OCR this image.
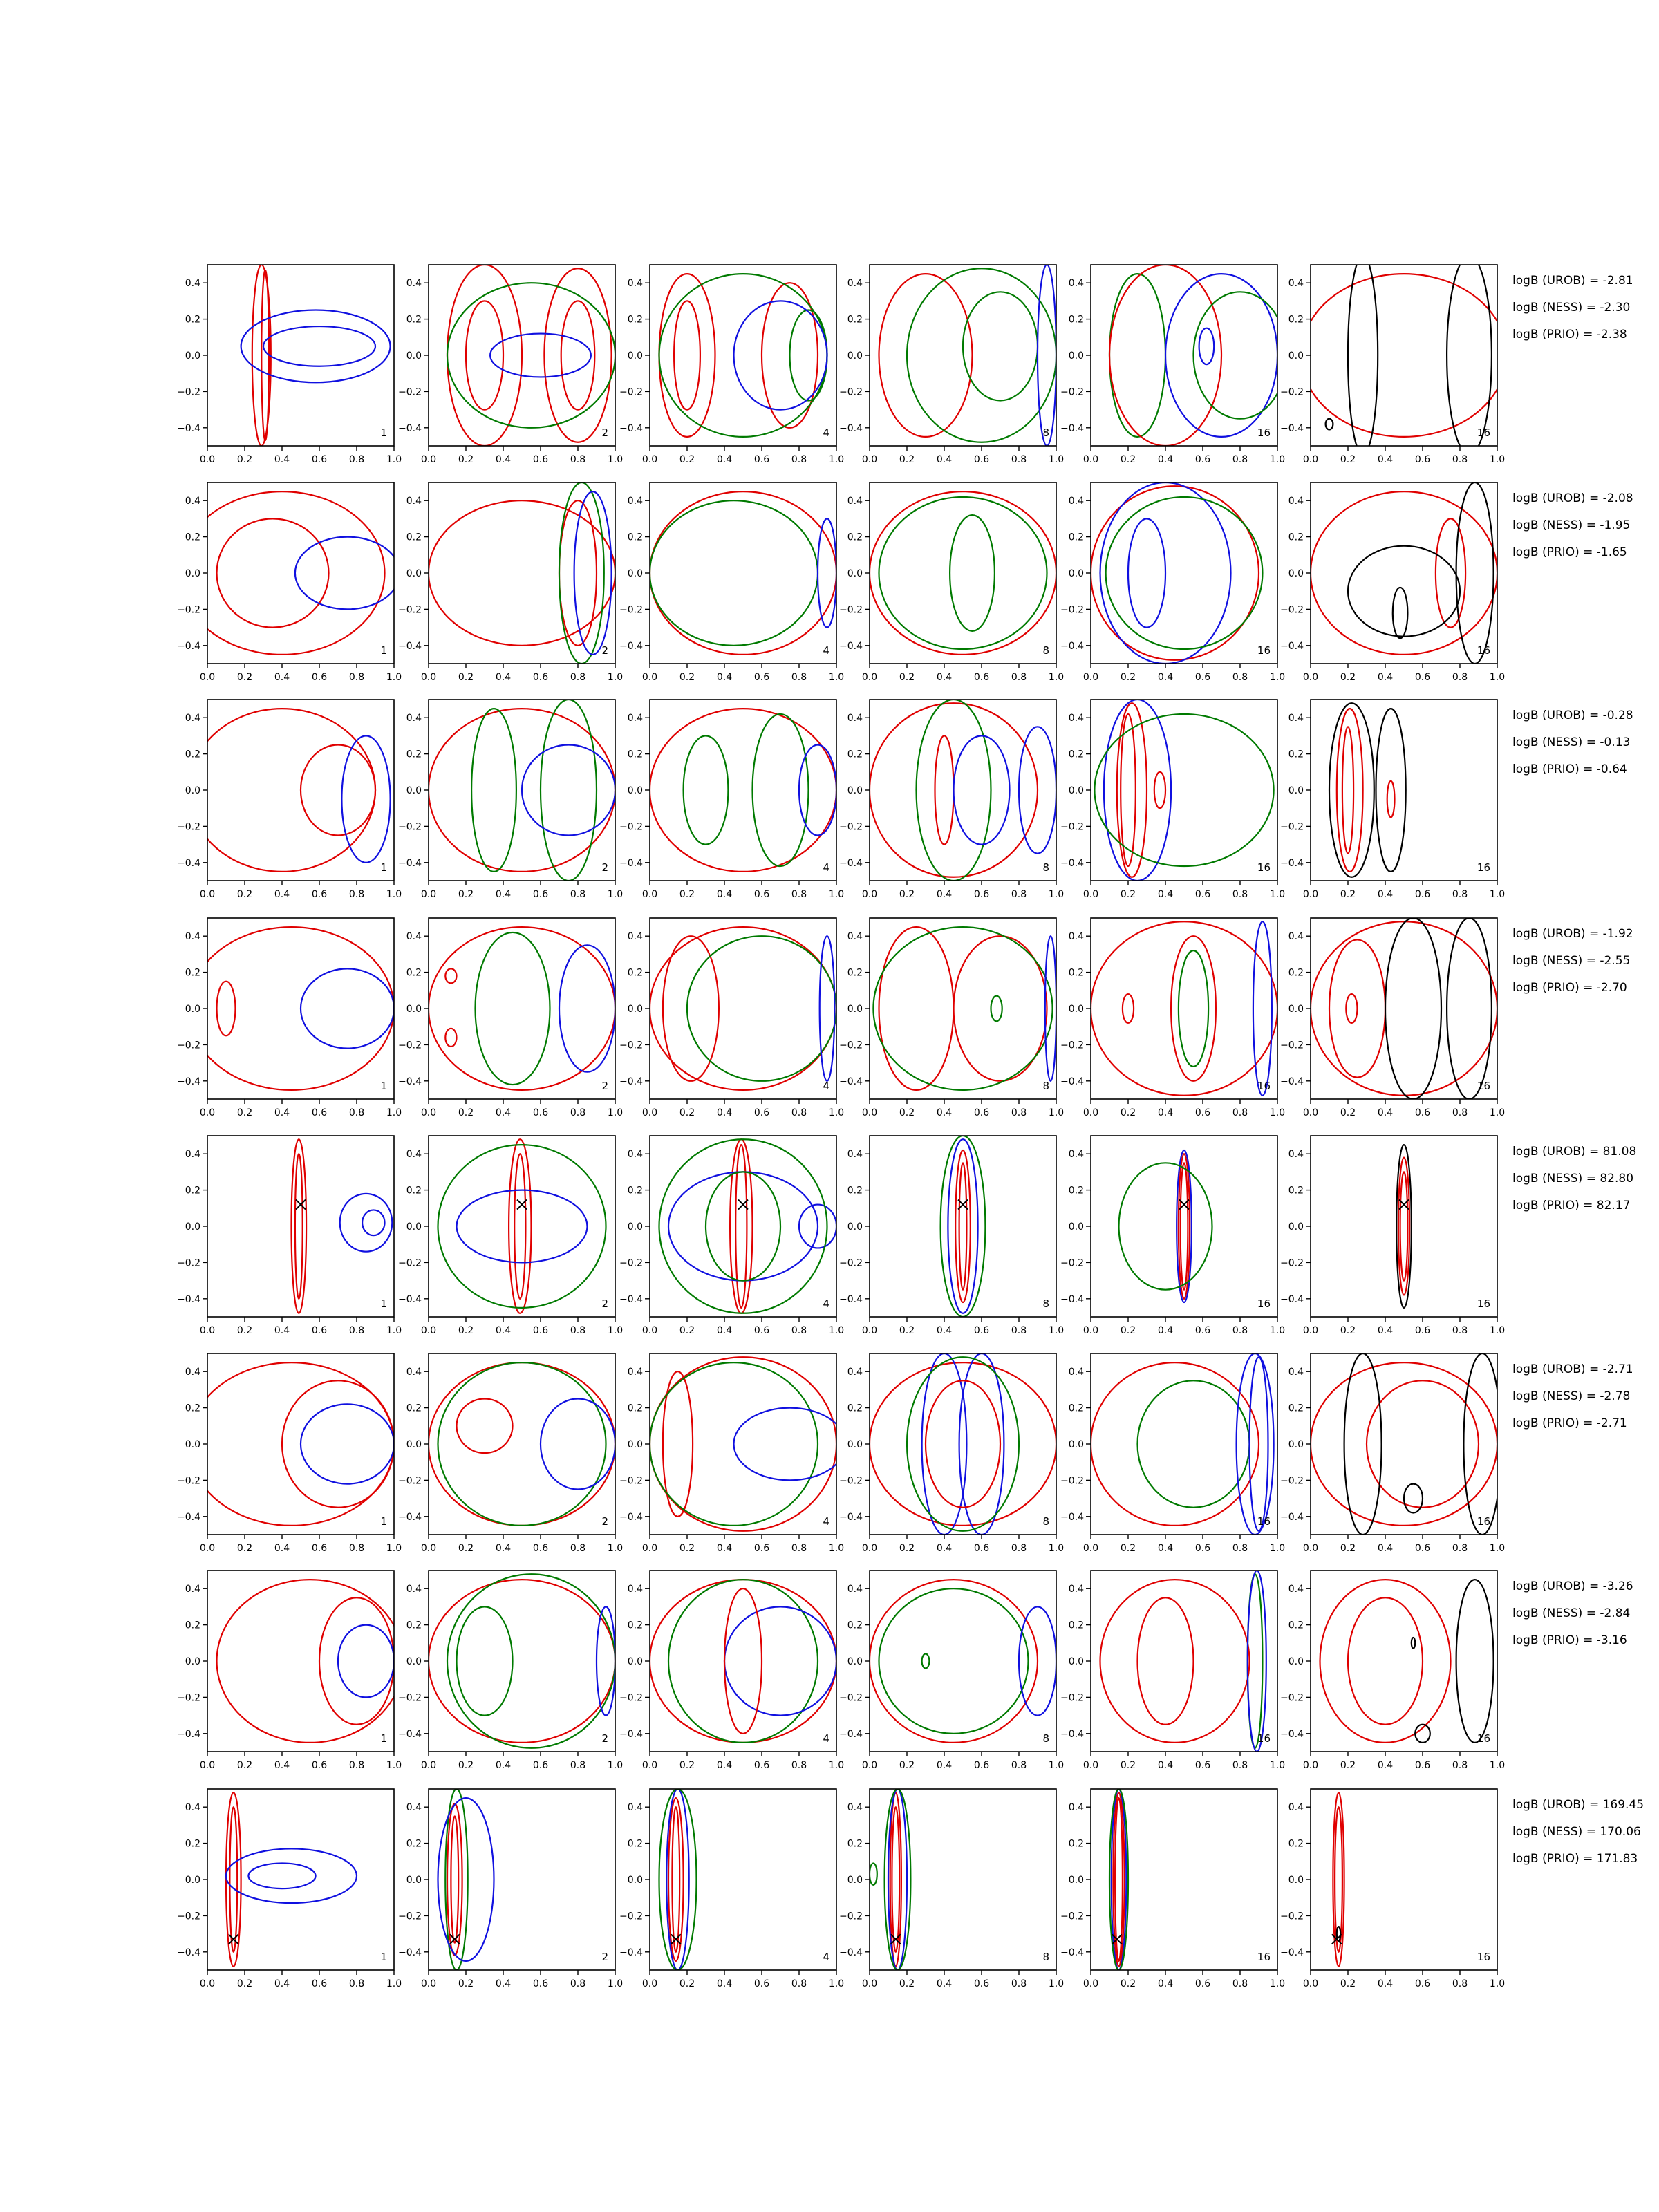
0.0 0.2 0.4 0.6 0.8 1.0
−0.4
−0.2
0.0
0.2
0.4
1
0.0 0.2 0.4 0.6 0.8 1.0
−0.4
−0.2
0.0
0.2
0.4
2
0.0 0.2 0.4 0.6 0.8 1.0
−0.4
−0.2
0.0
0.2
0.4
4
0.0 0.2 0.4 0.6 0.8 1.0
−0.4
−0.2
0.0
0.2
0.4
8
0.0 0.2 0.4 0.6 0.8 1.0
−0.4
−0.2
0.0
0.2
0.4
16
0.0 0.2 0.4 0.6 0.8 1.0
−0.4
−0.2
0.0
0.2
0.4
16
logB (UROB) = -2.81
logB (NESS) = -2.30
logB (PRIO) = -2.38
0.0 0.2 0.4 0.6 0.8 1.0
−0.4
−0.2
0.0
0.2
0.4
1
0.0 0.2 0.4 0.6 0.8 1.0
−0.4
−0.2
0.0
0.2
0.4
2
0.0 0.2 0.4 0.6 0.8 1.0
−0.4
−0.2
0.0
0.2
0.4
4
0.0 0.2 0.4 0.6 0.8 1.0
−0.4
−0.2
0.0
0.2
0.4
8
0.0 0.2 0.4 0.6 0.8 1.0
−0.4
−0.2
0.0
0.2
0.4
16
0.0 0.2 0.4 0.6 0.8 1.0
−0.4
−0.2
0.0
0.2
0.4
16
logB (UROB) = -2.08
logB (NESS) = -1.95
logB (PRIO) = -1.65
0.0 0.2 0.4 0.6 0.8 1.0
−0.4
−0.2
0.0
0.2
0.4
1
0.0 0.2 0.4 0.6 0.8 1.0
−0.4
−0.2
0.0
0.2
0.4
2
0.0 0.2 0.4 0.6 0.8 1.0
−0.4
−0.2
0.0
0.2
0.4
4
0.0 0.2 0.4 0.6 0.8 1.0
−0.4
−0.2
0.0
0.2
0.4
8
0.0 0.2 0.4 0.6 0.8 1.0
−0.4
−0.2
0.0
0.2
0.4
16
0.0 0.2 0.4 0.6 0.8 1.0
−0.4
−0.2
0.0
0.2
0.4
16
logB (UROB) = -0.28
logB (NESS) = -0.13
logB (PRIO) = -0.64
0.0 0.2 0.4 0.6 0.8 1.0
−0.4
−0.2
0.0
0.2
0.4
1
0.0 0.2 0.4 0.6 0.8 1.0
−0.4
−0.2
0.0
0.2
0.4
2
0.0 0.2 0.4 0.6 0.8 1.0
−0.4
−0.2
0.0
0.2
0.4
4
0.0 0.2 0.4 0.6 0.8 1.0
−0.4
−0.2
0.0
0.2
0.4
8
0.0 0.2 0.4 0.6 0.8 1.0
−0.4
−0.2
0.0
0.2
0.4
16
0.0 0.2 0.4 0.6 0.8 1.0
−0.4
−0.2
0.0
0.2
0.4
16
logB (UROB) = -1.92
logB (NESS) = -2.55
logB (PRIO) = -2.70
0.0 0.2 0.4 0.6 0.8 1.0
−0.4
−0.2
0.0
0.2
0.4
1
0.0 0.2 0.4 0.6 0.8 1.0
−0.4
−0.2
0.0
0.2
0.4
2
0.0 0.2 0.4 0.6 0.8 1.0
−0.4
−0.2
0.0
0.2
0.4
4
0.0 0.2 0.4 0.6 0.8 1.0
−0.4
−0.2
0.0
0.2
0.4
8
0.0 0.2 0.4 0.6 0.8 1.0
−0.4
−0.2
0.0
0.2
0.4
16
0.0 0.2 0.4 0.6 0.8 1.0
−0.4
−0.2
0.0
0.2
0.4
16
logB (UROB) = 81.08
logB (NESS) = 82.80
logB (PRIO) = 82.17
0.0 0.2 0.4 0.6 0.8 1.0
−0.4
−0.2
0.0
0.2
0.4
1
0.0 0.2 0.4 0.6 0.8 1.0
−0.4
−0.2
0.0
0.2
0.4
2
0.0 0.2 0.4 0.6 0.8 1.0
−0.4
−0.2
0.0
0.2
0.4
4
0.0 0.2 0.4 0.6 0.8 1.0
−0.4
−0.2
0.0
0.2
0.4
8
0.0 0.2 0.4 0.6 0.8 1.0
−0.4
−0.2
0.0
0.2
0.4
16
0.0 0.2 0.4 0.6 0.8 1.0
−0.4
−0.2
0.0
0.2
0.4
16
logB (UROB) = -2.71
logB (NESS) = -2.78
logB (PRIO) = -2.71
0.0 0.2 0.4 0.6 0.8 1.0
−0.4
−0.2
0.0
0.2
0.4
1
0.0 0.2 0.4 0.6 0.8 1.0
−0.4
−0.2
0.0
0.2
0.4
2
0.0 0.2 0.4 0.6 0.8 1.0
−0.4
−0.2
0.0
0.2
0.4
4
0.0 0.2 0.4 0.6 0.8 1.0
−0.4
−0.2
0.0
0.2
0.4
8
0.0 0.2 0.4 0.6 0.8 1.0
−0.4
−0.2
0.0
0.2
0.4
16
0.0 0.2 0.4 0.6 0.8 1.0
−0.4
−0.2
0.0
0.2
0.4
16
logB (UROB) = -3.26
logB (NESS) = -2.84
logB (PRIO) = -3.16
0.0 0.2 0.4 0.6 0.8 1.0
−0.4
−0.2
0.0
0.2
0.4
1
0.0 0.2 0.4 0.6 0.8 1.0
−0.4
−0.2
0.0
0.2
0.4
2
0.0 0.2 0.4 0.6 0.8 1.0
−0.4
−0.2
0.0
0.2
0.4
4
0.0 0.2 0.4 0.6 0.8 1.0
−0.4
−0.2
0.0
0.2
0.4
8
0.0 0.2 0.4 0.6 0.8 1.0
−0.4
−0.2
0.0
0.2
0.4
16
0.0 0.2 0.4 0.6 0.8 1.0
−0.4
−0.2
0.0
0.2
0.4
16
logB (UROB) = 169.45
logB (NESS) = 170.06
logB (PRIO) = 171.83
